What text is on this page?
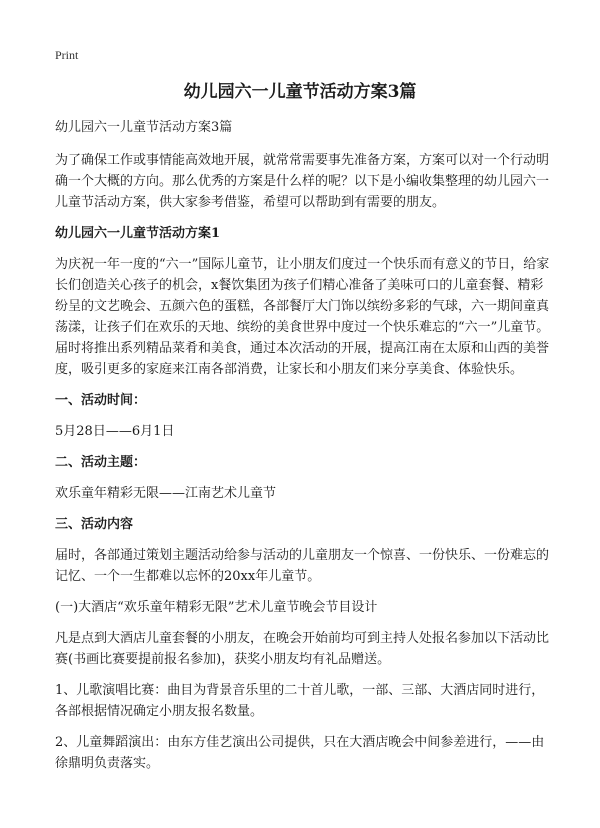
Print
幼儿园六一儿童节活动方案3篇

幼儿园六一儿童节活动方案3篇

为了确保工作或事情能高效地开展，就常常需要事先准备方案，方案可以对一个行动明确一个大概的方向。那么优秀的方案是什么样的呢？以下是小编收集整理的幼儿园六一儿童节活动方案，供大家参考借鉴，希望可以帮助到有需要的朋友。

幼儿园六一儿童节活动方案1

为庆祝一年一度的“六一”国际儿童节，让小朋友们度过一个快乐而有意义的节日，给家长们创造关心孩子的机会，x餐饮集团为孩子们精心准备了美味可口的儿童套餐、精彩纷呈的文艺晚会、五颜六色的蛋糕，各部餐厅大门饰以缤纷多彩的气球，六一期间童真荡漾，让孩子们在欢乐的天地、缤纷的美食世界中度过一个快乐难忘的“六一”儿童节。届时将推出系列精品菜肴和美食，通过本次活动的开展，提高江南在太原和山西的美誉度，吸引更多的家庭来江南各部消费，让家长和小朋友们来分享美食、体验快乐。

一、活动时间：

5月28日——6月1日

二、活动主题：

欢乐童年精彩无限——江南艺术儿童节

三、活动内容

届时，各部通过策划主题活动给参与活动的儿童朋友一个惊喜、一份快乐、一份难忘的记忆、一个一生都难以忘怀的20xx年儿童节。

(一)大酒店“欢乐童年精彩无限”艺术儿童节晚会节目设计

凡是点到大酒店儿童套餐的小朋友，在晚会开始前均可到主持人处报名参加以下活动比赛(书画比赛要提前报名参加)，获奖小朋友均有礼品赠送。

1、儿歌演唱比赛：曲目为背景音乐里的二十首儿歌，一部、三部、大酒店同时进行，各部根据情况确定小朋友报名数量。

2、儿童舞蹈演出：由东方佳艺演出公司提供，只在大酒店晚会中间参差进行，——由徐鼎明负责落实。
